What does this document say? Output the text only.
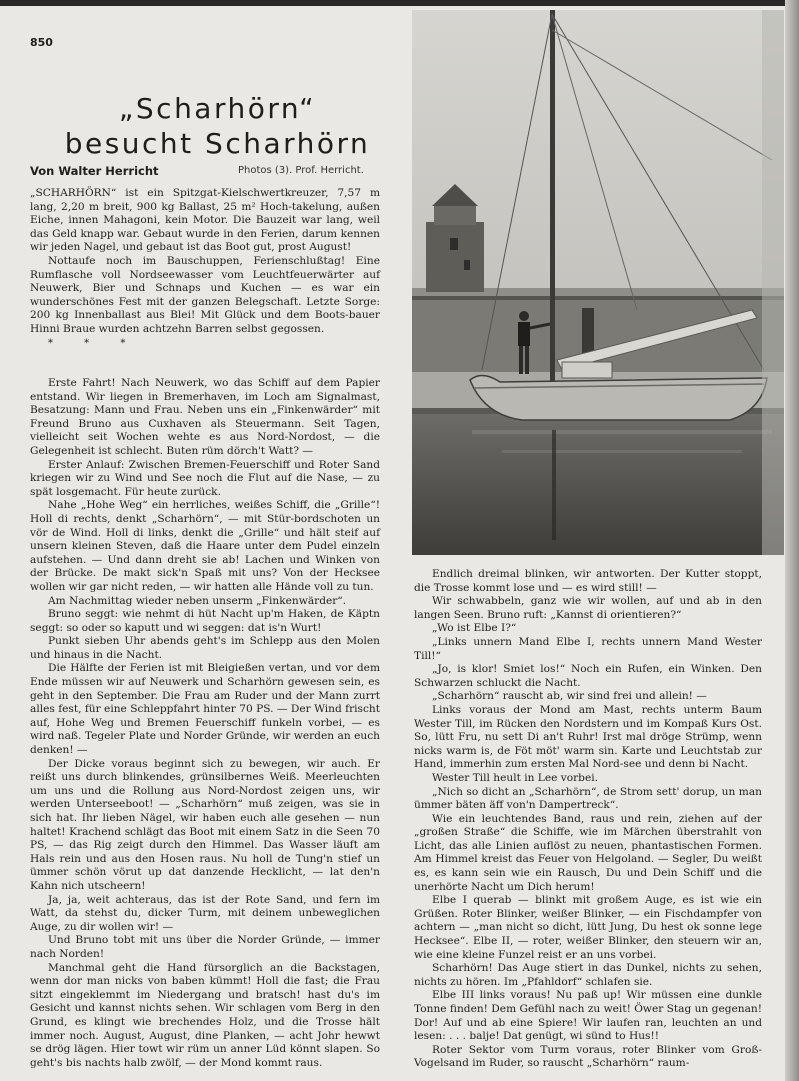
850
„Scharhörn“
besucht Scharhörn
Von Walter Herricht	Photos (3). Prof. Herricht.

„SCHARHÖRN“ ist ein Spitzgat-Kielschwertkreuzer, 7,57 m lang, 2,20 m breit, 900 kg Ballast, 25 m² Hoch-takelung, außen Eiche, innen Mahagoni, kein Motor. Die Bauzeit war lang, weil das Geld knapp war. Gebaut wurde in den Ferien, darum kennen wir jeden Nagel, und gebaut ist das Boot gut, prost August!

Nottaufe noch im Bauschuppen, Ferienschlußtag! Eine Rumflasche voll Nordseewasser vom Leuchtfeuerwärter auf Neuwerk, Bier und Schnaps und Kuchen — es war ein wunderschönes Fest mit der ganzen Belegschaft. Letzte Sorge: 200 kg Innenballast aus Blei! Mit Glück und dem Boots-bauer Hinni Braue wurden achtzehn Barren selbst gegossen.

* * *

Erste Fahrt! Nach Neuwerk, wo das Schiff auf dem Papier entstand. Wir liegen in Bremerhaven, im Loch am Signalmast, Besatzung: Mann und Frau. Neben uns ein „Finkenwärder“ mit Freund Bruno aus Cuxhaven als Steuermann. Seit Tagen, vielleicht seit Wochen wehte es aus Nord-Nordost, — die Gelegenheit ist schlecht. Buten rüm dörch't Watt? —

Erster Anlauf: Zwischen Bremen-Feuerschiff und Roter Sand kriegen wir zu Wind und See noch die Flut auf die Nase, — zu spät losgemacht. Für heute zurück.

Nahe „Hohe Weg“ ein herrliches, weißes Schiff, die „Grille“! Holl di rechts, denkt „Scharhörn“, — mit Stür-bordschoten un vör de Wind. Holl di links, denkt die „Grille“ und hält steif auf unsern kleinen Steven, daß die Haare unter dem Pudel einzeln aufstehen. — Und dann dreht sie ab! Lachen und Winken von der Brücke. De makt sick'n Spaß mit uns? Von der Hecksee wollen wir gar nicht reden, — wir hatten alle Hände voll zu tun.

Am Nachmittag wieder neben unserm „Finkenwärder“.

Bruno seggt: wie nehmt di hüt Nacht up'm Haken, de Käptn seggt: so oder so kaputt und wi seggen: dat is'n Wurt!

Punkt sieben Uhr abends geht's im Schlepp aus den Molen und hinaus in die Nacht.

Die Hälfte der Ferien ist mit Bleigießen vertan, und vor dem Ende müssen wir auf Neuwerk und Scharhörn gewesen sein, es geht in den September. Die Frau am Ruder und der Mann zurrt alles fest, für eine Schleppfahrt hinter 70 PS. — Der Wind frischt auf, Hohe Weg und Bremen Feuerschiff funkeln vorbei, — es wird naß. Tegeler Plate und Norder Gründe, wir werden an euch denken! —

Der Dicke voraus beginnt sich zu bewegen, wir auch. Er reißt uns durch blinkendes, grünsilbernes Weiß. Meerleuchten um uns und die Rollung aus Nord-Nordost zeigen uns, wir werden Unterseeboot! — „Scharhörn“ muß zeigen, was sie in sich hat. Ihr lieben Nägel, wir haben euch alle gesehen — nun haltet! Krachend schlägt das Boot mit einem Satz in die Seen 70 PS, — das Rig zeigt durch den Himmel. Das Wasser läuft am Hals rein und aus den Hosen raus. Nu holl de Tung'n stief un ümmer schön vörut up dat danzende Hecklicht, — lat den'n Kahn nich utscheern!

Ja, ja, weit achteraus, das ist der Rote Sand, und fern im Watt, da stehst du, dicker Turm, mit deinem unbeweglichen Auge, zu dir wollen wir! —

Und Bruno tobt mit uns über die Norder Gründe, — immer nach Norden!

Manchmal geht die Hand fürsorglich an die Backstagen, wenn dor man nicks von baben kümmt! Holl die fast; die Frau sitzt eingeklemmt im Niedergang und bratsch! hast du's im Gesicht und kannst nichts sehen. Wir schlagen vom Berg in den Grund, es klingt wie brechendes Holz, und die Trosse hält immer noch. August, August, dine Planken, — acht Johr hewwt se drög lägen. Hier towt wir rüm un anner Lüd könnt slapen. So geht's bis nachts halb zwölf, — der Mond kommt raus.

Endlich dreimal blinken, wir antworten. Der Kutter stoppt, die Trosse kommt lose und — es wird still! —

Wir schwabbeln, ganz wie wir wollen, auf und ab in den langen Seen. Bruno ruft: „Kannst di orientieren?“

„Wo ist Elbe I?“

„Links unnern Mand Elbe I, rechts unnern Mand Wester Till!“

„Jo, is klor! Smiet los!“ Noch ein Rufen, ein Winken. Den Schwarzen schluckt die Nacht.

„Scharhörn“ rauscht ab, wir sind frei und allein! —

Links voraus der Mond am Mast, rechts unterm Baum Wester Till, im Rücken den Nordstern und im Kompaß Kurs Ost. So, lütt Fru, nu sett Di an't Ruhr! Irst mal dröge Strümp, wenn nicks warm is, de Föt möt' warm sin. Karte und Leuchtstab zur Hand, immerhin zum ersten Mal Nord-see und denn bi Nacht.

Wester Till heult in Lee vorbei.

„Nich so dicht an „Scharhörn“, de Strom sett' dorup, un man ümmer bäten äff von'n Dampertreck“.

Wie ein leuchtendes Band, raus und rein, ziehen auf der „großen Straße“ die Schiffe, wie im Märchen überstrahlt von Licht, das alle Linien auflöst zu neuen, phantastischen Formen. Am Himmel kreist das Feuer von Helgoland. — Segler, Du weißt es, es kann sein wie ein Rausch, Du und Dein Schiff und die unerhörte Nacht um Dich herum!

Elbe I querab — blinkt mit großem Auge, es ist wie ein Grüßen. Roter Blinker, weißer Blinker, — ein Fischdampfer von achtern — „man nicht so dicht, lütt Jung, Du hest ok sonne lege Hecksee“. Elbe II, — roter, weißer Blinker, den steuern wir an, wie eine kleine Funzel reist er an uns vorbei.

Scharhörn! Das Auge stiert in das Dunkel, nichts zu sehen, nichts zu hören. Im „Pfahldorf“ schlafen sie.

Elbe III links voraus! Nu paß up! Wir müssen eine dunkle Tonne finden! Dem Gefühl nach zu weit! Öwer Stag un gegenan! Dor! Auf und ab eine Spiere! Wir laufen ran, leuchten an und lesen: . . . balje! Dat genügt, wi sünd to Hus!!

Roter Sektor vom Turm voraus, roter Blinker vom Groß-Vogelsand im Ruder, so rauscht „Scharhörn“ raum-
